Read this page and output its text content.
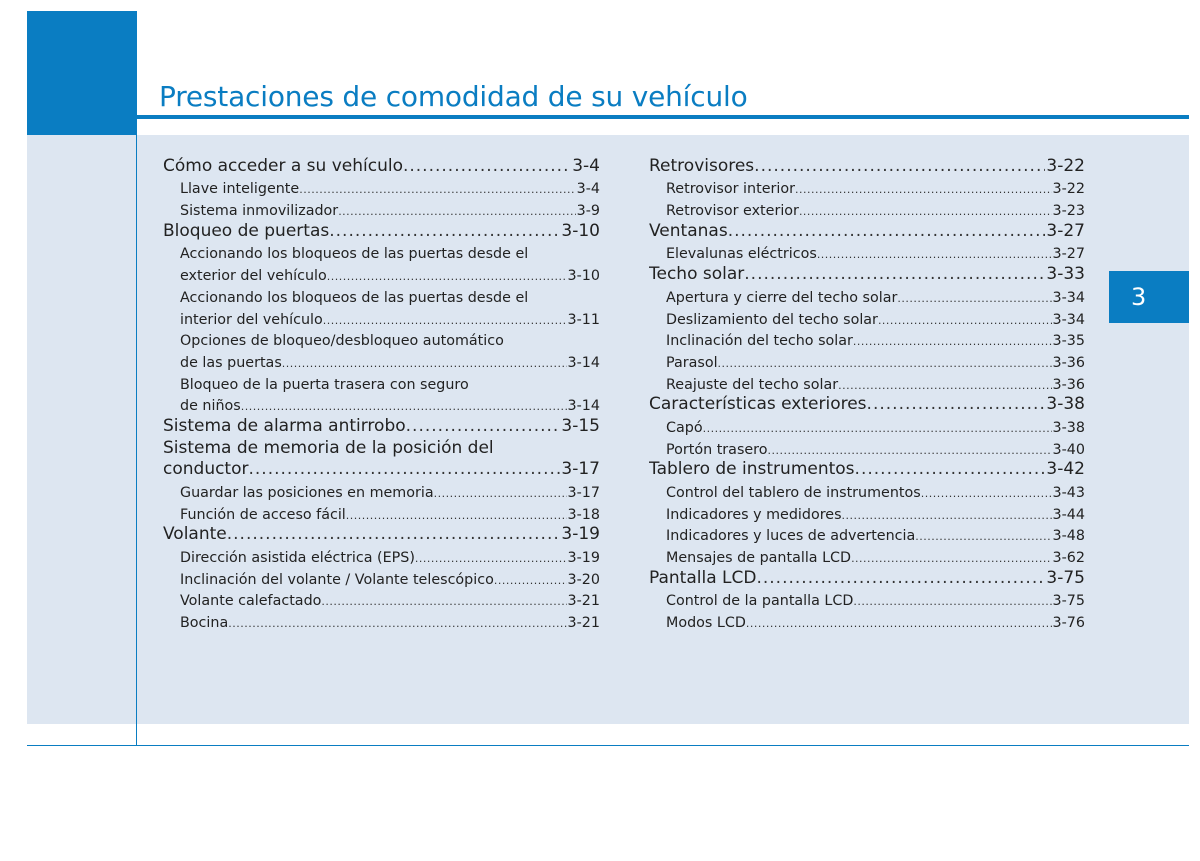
Prestaciones de comodidad de su vehículo
3
Cómo acceder a su vehículo .....	3-4
Llave inteligente .....	3-4
Sistema inmovilizador .....	3-9
Bloqueo de puertas .....	3-10
Accionando los bloqueos de las puertas desde el
exterior del vehículo .....	3-10
Accionando los bloqueos de las puertas desde el
interior del vehículo .....	3-11
Opciones de bloqueo/desbloqueo automático
de las puertas .....	3-14
Bloqueo de la puerta trasera con seguro
de niños .....	3-14
Sistema de alarma antirrobo .....	3-15
Sistema de memoria de la posición del
conductor .....	3-17
Guardar las posiciones en memoria .....	3-17
Función de acceso fácil .....	3-18
Volante .....	3-19
Dirección asistida eléctrica (EPS) .....	3-19
Inclinación del volante / Volante telescópico .....	3-20
Volante calefactado .....	3-21
Bocina .....	3-21
Retrovisores .....	3-22
Retrovisor interior .....	3-22
Retrovisor exterior .....	3-23
Ventanas .....	3-27
Elevalunas eléctricos .....	3-27
Techo solar .....	3-33
Apertura y cierre del techo solar .....	3-34
Deslizamiento del techo solar .....	3-34
Inclinación del techo solar .....	3-35
Parasol .....	3-36
Reajuste del techo solar .....	3-36
Características exteriores .....	3-38
Capó .....	3-38
Portón trasero .....	3-40
Tablero de instrumentos .....	3-42
Control del tablero de instrumentos .....	3-43
Indicadores y medidores .....	3-44
Indicadores y luces de advertencia .....	3-48
Mensajes de pantalla LCD .....	3-62
Pantalla LCD .....	3-75
Control de la pantalla LCD .....	3-75
Modos LCD .....	3-76
